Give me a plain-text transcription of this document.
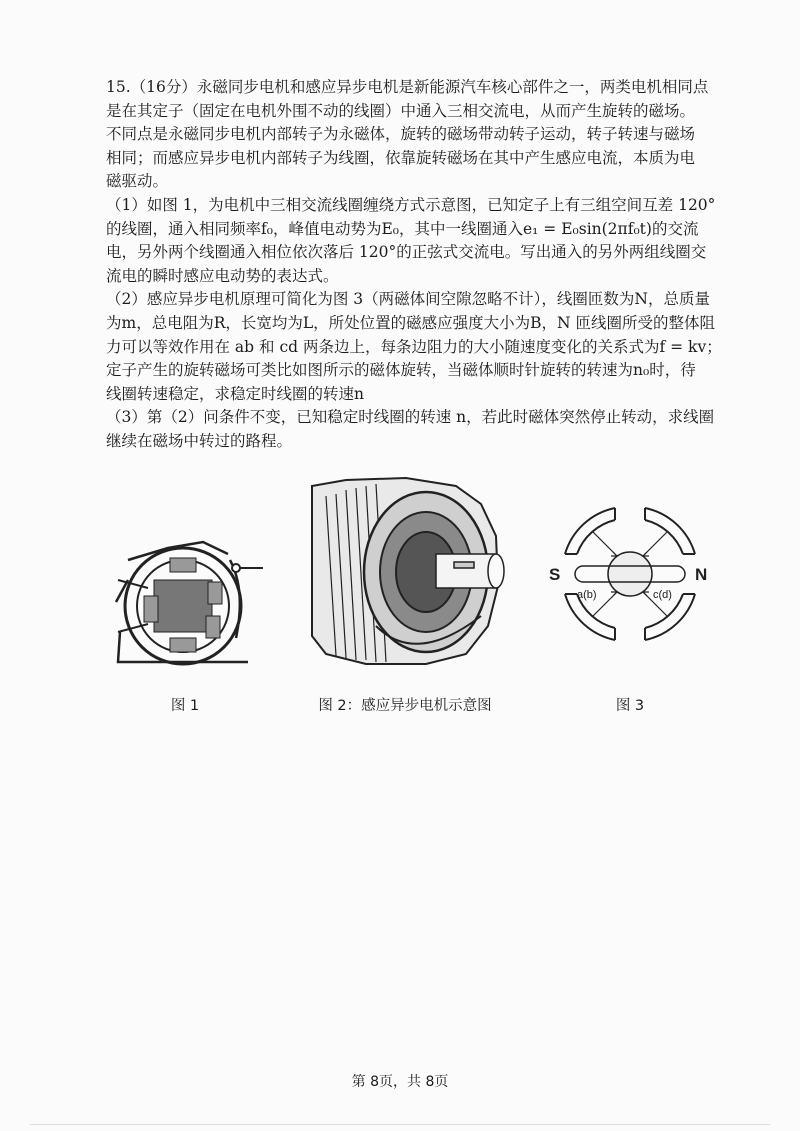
15.（16分）永磁同步电机和感应异步电机是新能源汽车核心部件之一，两类电机相同点
是在其定子（固定在电机外围不动的线圈）中通入三相交流电，从而产生旋转的磁场。
不同点是永磁同步电机内部转子为永磁体，旋转的磁场带动转子运动，转子转速与磁场
相同；而感应异步电机内部转子为线圈，依靠旋转磁场在其中产生感应电流，本质为电
磁驱动。
（1）如图 1，为电机中三相交流线圈缠绕方式示意图，已知定子上有三组空间互差 120°
的线圈，通入相同频率f₀，峰值电动势为E₀，其中一线圈通入e₁ = E₀sin(2πf₀t)的交流
电，另外两个线圈通入相位依次落后 120°的正弦式交流电。写出通入的另外两组线圈交
流电的瞬时感应电动势的表达式。
（2）感应异步电机原理可简化为图 3（两磁体间空隙忽略不计），线圈匝数为N，总质量
为m，总电阻为R，长宽均为L，所处位置的磁感应强度大小为B，N 匝线圈所受的整体阻
力可以等效作用在 ab 和 cd 两条边上，每条边阻力的大小随速度变化的关系式为f = kv；
定子产生的旋转磁场可类比如图所示的磁体旋转，当磁体顺时针旋转的转速为n₀时，待
线圈转速稳定，求稳定时线圈的转速n
（3）第（2）问条件不变，已知稳定时线圈的转速 n，若此时磁体突然停止转动，求线圈
继续在磁场中转过的路程。
图 1	图 2：感应异步电机示意图
S	N
a(b)	c(d)
图 3
第 8页，共 8页
